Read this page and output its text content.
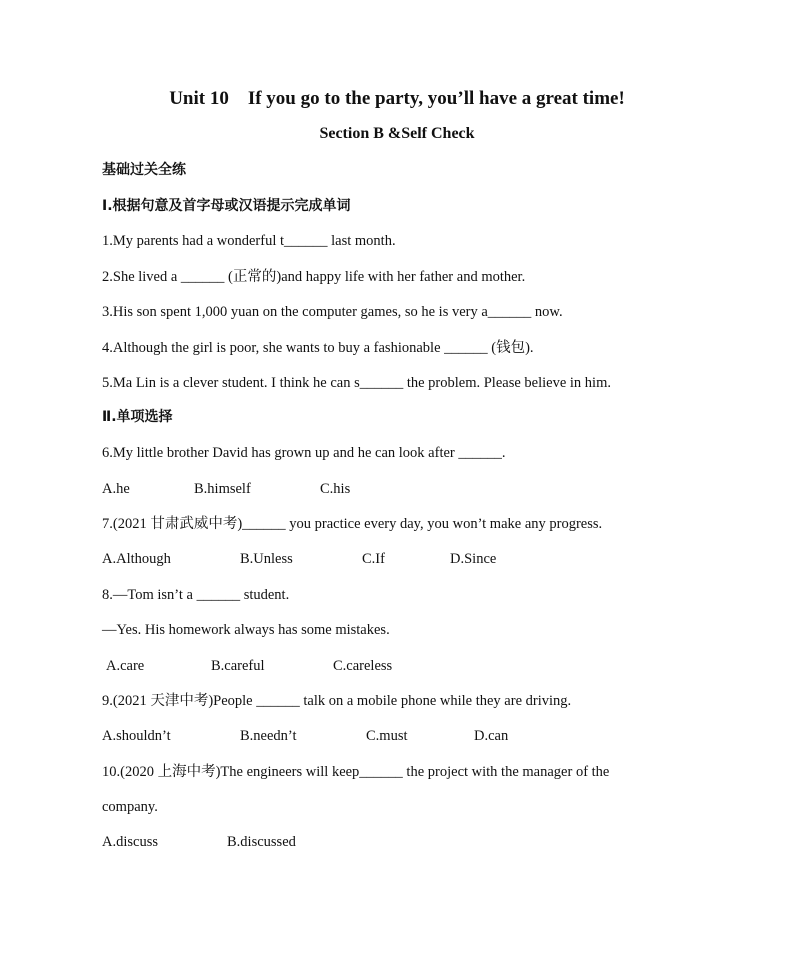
Unit 10    If you go to the party, you’ll have a great time!
Section B &Self Check
基础过关全练
Ⅰ.根据句意及首字母或汉语提示完成单词
1.My parents had a wonderful t______ last month.
2.She lived a ______ (正常的)and happy life with her father and mother.
3.His son spent 1,000 yuan on the computer games, so he is very a______ now.
4.Although the girl is poor, she wants to buy a fashionable ______ (钱包).
5.Ma Lin is a clever student. I think he can s______ the problem. Please believe in him.
Ⅱ.单项选择
6.My little brother David has grown up and he can look after ______.
A.he	B.himself	C.his
7.(2021 甘肃武威中考)______ you practice every day, you won’t make any progress.
A.Although	B.Unless	C.If	D.Since
8.—Tom isn’t a ______ student.
—Yes. His homework always has some mistakes.
A.care	B.careful	C.careless
9.(2021 天津中考)People ______ talk on a mobile phone while they are driving.
A.shouldn’t	B.needn’t	C.must	D.can
10.(2020 上海中考)The engineers will keep______ the project with the manager of the
company.
A.discuss	B.discussed
